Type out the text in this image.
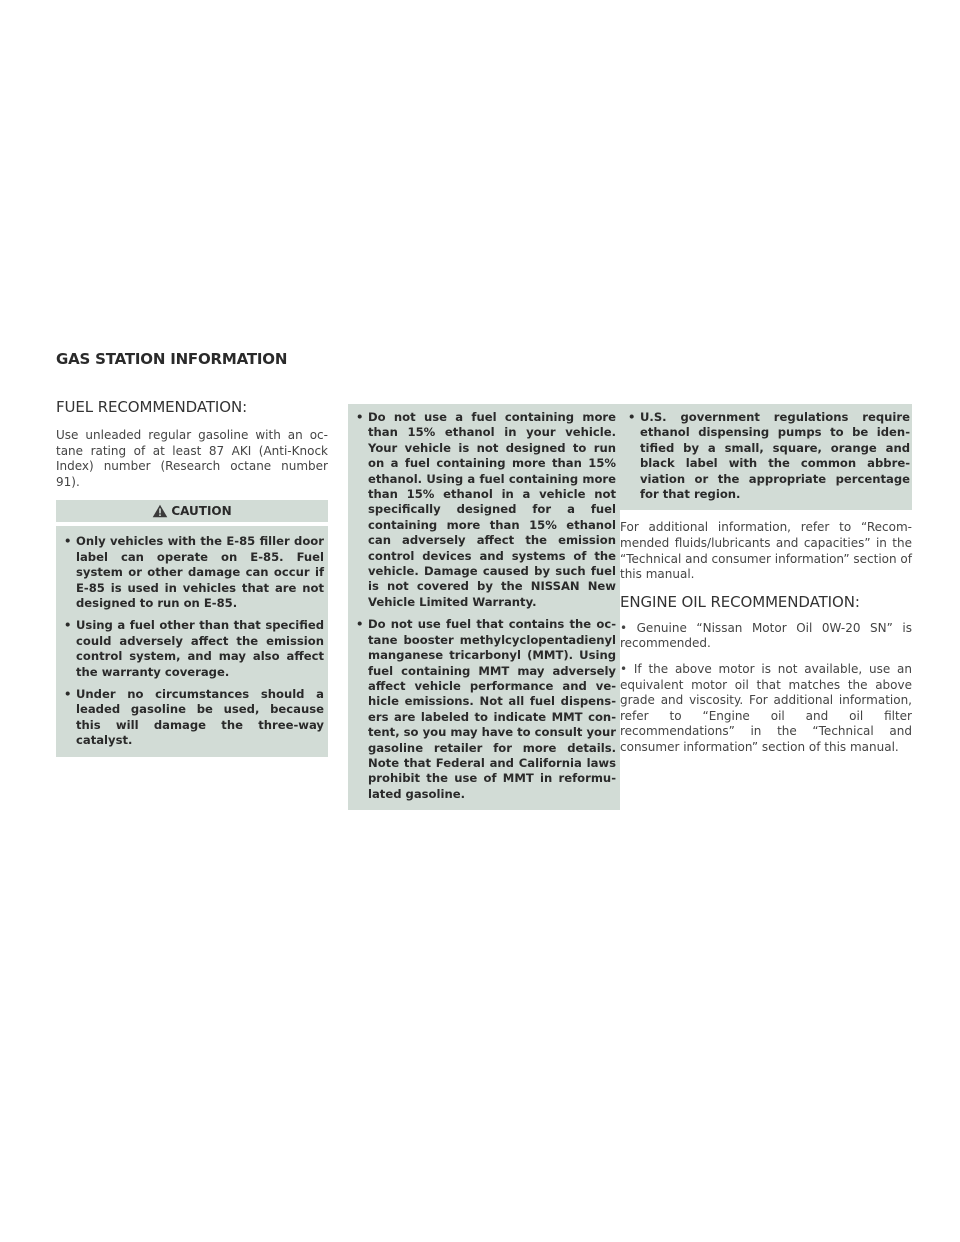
GAS STATION INFORMATION
FUEL RECOMMENDATION:

Use unleaded regular gasoline with an octane rating of at least 87 AKI (Anti-Knock Index) number (Research octane number 91).

CAUTION
• Only vehicles with the E-85 filler door label can operate on E-85. Fuel system or other damage can occur if E-85 is used in vehicles that are not designed to run on E-85.
• Using a fuel other than that specified could adversely affect the emission control system, and may also affect the warranty coverage.
• Under no circumstances should a leaded gasoline be used, because this will damage the three-way catalyst.
• Do not use a fuel containing more than 15% ethanol in your vehicle. Your vehicle is not designed to run on a fuel containing more than 15% ethanol. Using a fuel containing more than 15% ethanol in a vehicle not specifically designed for a fuel containing more than 15% ethanol can adversely affect the emission control devices and systems of the vehicle. Damage caused by such fuel is not covered by the NISSAN New Vehicle Limited Warranty.
• Do not use fuel that contains the octane booster methylcyclopentadienyl manganese tricarbonyl (MMT). Using fuel containing MMT may adversely affect vehicle performance and vehicle emissions. Not all fuel dispensers are labeled to indicate MMT content, so you may have to consult your gasoline retailer for more details. Note that Federal and California laws prohibit the use of MMT in reformulated gasoline.
• U.S. government regulations require ethanol dispensing pumps to be identified by a small, square, orange and black label with the common abbreviation or the appropriate percentage for that region.

For additional information, refer to “Recommended fluids/lubricants and capacities” in the “Technical and consumer information” section of this manual.

ENGINE OIL RECOMMENDATION:

• Genuine “Nissan Motor Oil 0W-20 SN” is recommended.

• If the above motor is not available, use an equivalent motor oil that matches the above grade and viscosity. For additional information, refer to “Engine oil and oil filter recommendations” in the “Technical and consumer information” section of this manual.
